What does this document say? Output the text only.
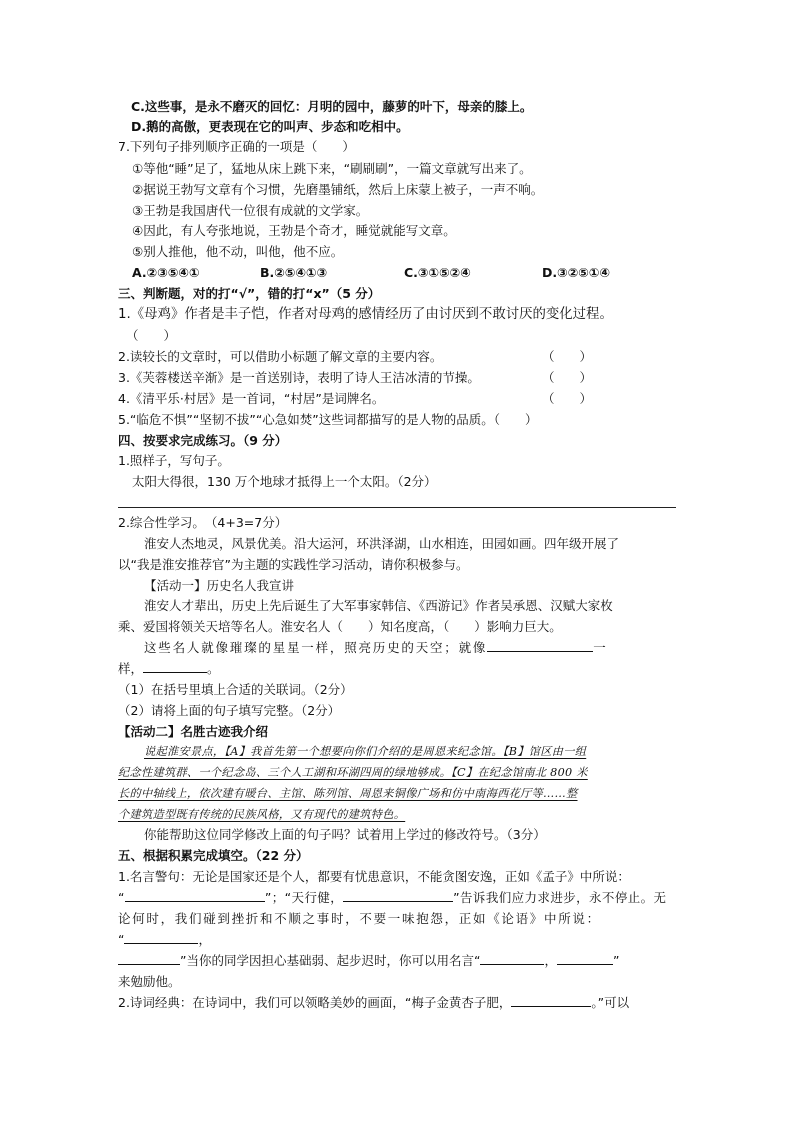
C.这些事，是永不磨灭的回忆：月明的园中，藤萝的叶下，母亲的膝上。
D.鹅的高傲，更表现在它的叫声、步态和吃相中。
7.下列句子排列顺序正确的一项是（　　）
①等他“睡”足了，猛地从床上跳下来，“刷刷刷”，一篇文章就写出来了。
②据说王勃写文章有个习惯，先磨墨铺纸，然后上床蒙上被子，一声不响。
③王勃是我国唐代一位很有成就的文学家。
④因此，有人夸张地说，王勃是个奇才，睡觉就能写文章。
⑤别人推他，他不动，叫他，他不应。
A.②③⑤④①	B.②⑤④①③	C.③①⑤②④	D.③②⑤①④
三、判断题，对的打“√”，错的打“x”（5 分）
1.《母鸡》作者是丰子恺，作者对母鸡的感情经历了由讨厌到不敢讨厌的变化过程。
（　　）
2.读较长的文章时，可以借助小标题了解文章的主要内容。	（　　）
3.《芙蓉楼送辛渐》是一首送别诗，表明了诗人王洁冰清的节操。	（　　）
4.《清平乐·村居》是一首词，“村居”是词牌名。	（　　）
5.“临危不惧”“坚韧不拔”“心急如焚”这些词都描写的是人物的品质。（　　）
四、按要求完成练习。（9 分）
1.照样子，写句子。
太阳大得很，130 万个地球才抵得上一个太阳。（2分）
2.综合性学习。　（4+3=7分）
淮安人杰地灵，风景优美。沿大运河，环洪泽湖，山水相连，田园如画。四年级开展了
以“我是淮安推荐官”为主题的实践性学习活动，请你积极参与。
【活动一】历史名人我宣讲
淮安人才辈出，历史上先后诞生了大军事家韩信、《西游记》作者吴承恩、汉赋大家枚
乘、爱国将领关天培等名人。淮安名人（　　）知名度高，（　　）影响力巨大。
这些名人就像璀璨的星星一样，照亮历史的天空；就像	一
样，	。
（1）在括号里填上合适的关联词。（2分）
（2）请将上面的句子填写完整。（2分）
【活动二】名胜古迹我介绍
说起淮安景点，【A】我首先第一个想要向你们介绍的是周恩来纪念馆。【B】馆区由一组
纪念性建筑群、一个纪念岛、三个人工湖和环湖四周的绿地够成。【C】在纪念馆南北 800 米
长的中轴线上，依次建有暖台、主馆、陈列馆、周恩来铜像广场和仿中南海西花厅等……整
个建筑造型既有传统的民族风格，又有现代的建筑特色。
你能帮助这位同学修改上面的句子吗？试着用上学过的修改符号。（3分）
五、根据积累完成填空。（22 分）
1.名言警句：无论是国家还是个人，都要有忧患意识，不能贪图安逸，正如《孟子》中所说：
“	”；“天行健，	”告诉我们应力求进步，永不停止。无
论何时，我们碰到挫折和不顺之事时，不要一味抱怨，正如《论语》中所说：
“	，
”当你的同学因担心基础弱、起步迟时，你可以用名言“	，	”
来勉励他。
2.诗词经典：在诗词中，我们可以领略美妙的画面，“梅子金黄杏子肥，	。”可以
